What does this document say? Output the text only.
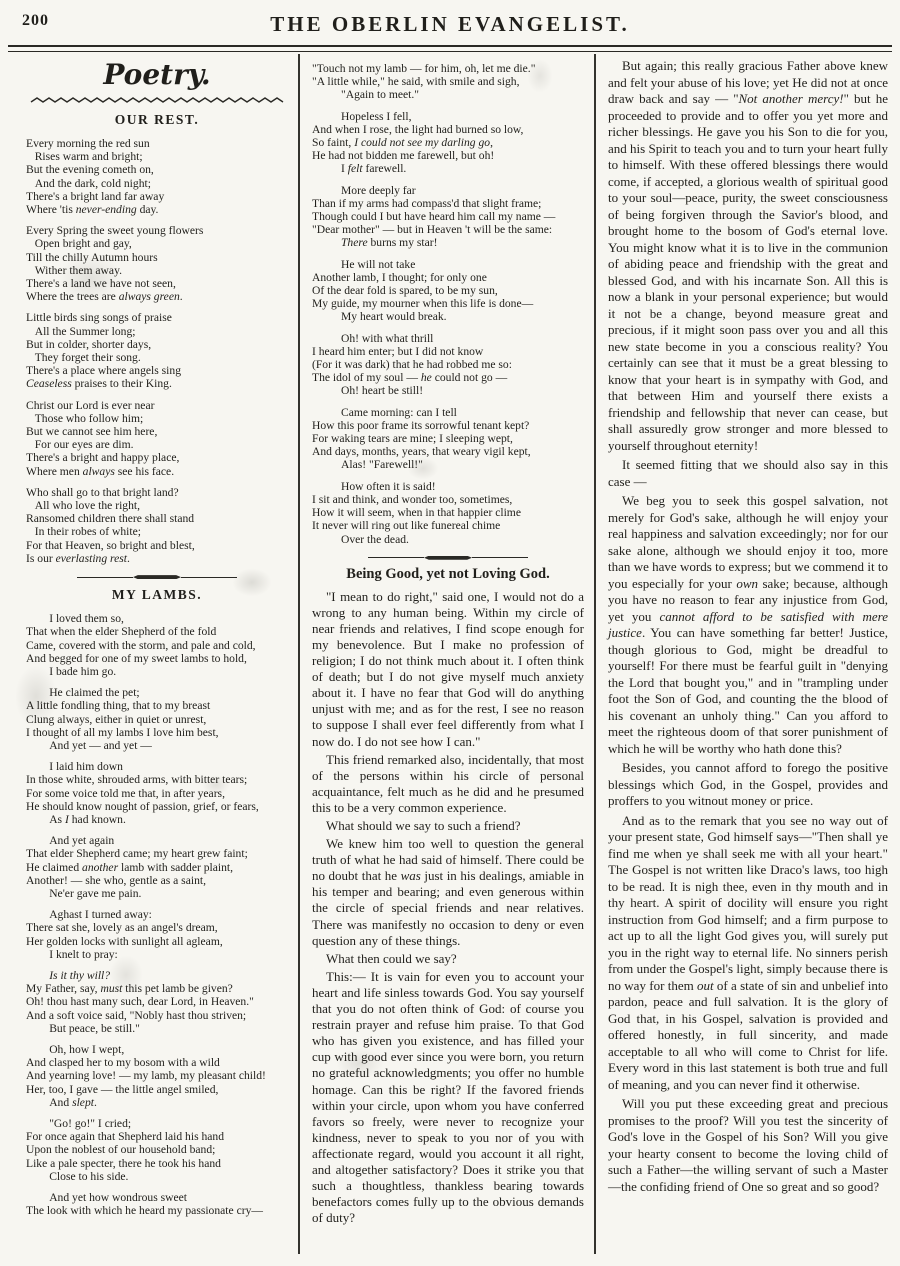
200	THE OBERLIN EVANGELIST.
Poetry.
OUR REST.
Every morning the red sun
Rises warm and bright;
But the evening cometh on,
And the dark, cold night;
There's a bright land far away
Where 'tis never-ending day.
Every Spring the sweet young flowers
Open bright and gay,
Till the chilly Autumn hours
Wither them away.
There's a land we have not seen,
Where the trees are always green.
Little birds sing songs of praise
All the Summer long;
But in colder, shorter days,
They forget their song.
There's a place where angels sing
Ceaseless praises to their King.
Christ our Lord is ever near
Those who follow him;
But we cannot see him here,
For our eyes are dim.
There's a bright and happy place,
Where men always see his face.
Who shall go to that bright land?
All who love the right,
Ransomed children there shall stand
In their robes of white;
For that Heaven, so bright and blest,
Is our everlasting rest.
MY LAMBS.
I loved them so,
That when the elder Shepherd of the fold
Came, covered with the storm, and pale and cold,
And begged for one of my sweet lambs to hold,
I bade him go.
He claimed the pet;
A little fondling thing, that to my breast
Clung always, either in quiet or unrest,
I thought of all my lambs I love him best,
And yet — and yet —
I laid him down
In those white, shrouded arms, with bitter tears;
For some voice told me that, in after years,
He should know nought of passion, grief, or fears,
As I had known.
And yet again
That elder Shepherd came; my heart grew faint;
He claimed another lamb with sadder plaint,
Another! — she who, gentle as a saint,
Ne'er gave me pain.
Aghast I turned away:
There sat she, lovely as an angel's dream,
Her golden locks with sunlight all agleam,
I knelt to pray:
Is it thy will?
My Father, say, must this pet lamb be given?
Oh! thou hast many such, dear Lord, in Heaven."
And a soft voice said, "Nobly hast thou striven;
But peace, be still."
Oh, how I wept,
And clasped her to my bosom with a wild
And yearning love! — my lamb, my pleasant child!
Her, too, I gave — the little angel smiled,
And slept.
"Go! go!" I cried;
For once again that Shepherd laid his hand
Upon the noblest of our household band;
Like a pale specter, there he took his hand
Close to his side.
And yet how wondrous sweet
The look with which he heard my passionate cry—
"Touch not my lamb — for him, oh, let me die."
"A little while," he said, with smile and sigh,
"Again to meet."
Hopeless I fell,
And when I rose, the light had burned so low,
So faint, I could not see my darling go,
He had not bidden me farewell, but oh!
I felt farewell.
More deeply far
Than if my arms had compass'd that slight frame;
Though could I but have heard him call my name —
"Dear mother" — but in Heaven 't will be the same:
There burns my star!
He will not take
Another lamb, I thought; for only one
Of the dear fold is spared, to be my sun,
My guide, my mourner when this life is done—
My heart would break.
Oh! with what thrill
I heard him enter; but I did not know
(For it was dark) that he had robbed me so:
The idol of my soul — he could not go —
Oh! heart be still!
Came morning: can I tell
How this poor frame its sorrowful tenant kept?
For waking tears are mine; I sleeping wept,
And days, months, years, that weary vigil kept,
Alas! "Farewell!"
How often it is said!
I sit and think, and wonder too, sometimes,
How it will seem, when in that happier clime
It never will ring out like funereal chime
Over the dead.
Being Good, yet not Loving God.

"I mean to do right," said one, I would not do a wrong to any human being. Within my circle of near friends and relatives, I find scope enough for my benevolence. But I make no profession of religion; I do not think much about it. I often think of death; but I do not give myself much anxiety about it. I have no fear that God will do anything unjust with me; and as for the rest, I see no reason to suppose I shall ever feel differently from what I now do. I do not see how I can."

This friend remarked also, incidentally, that most of the persons within his circle of personal acquaintance, felt much as he did and he presumed this to be a very common experience.

What should we say to such a friend?

We knew him too well to question the general truth of what he had said of himself. There could be no doubt that he was just in his dealings, amiable in his temper and bearing; and even generous within the circle of special friends and near relatives. There was manifestly no occasion to deny or even question any of these things.

What then could we say?

This:— It is vain for even you to account your heart and life sinless towards God. You say yourself that you do not often think of God: of course you restrain prayer and refuse him praise. To that God who has given you existence, and has filled your cup with good ever since you were born, you return no grateful acknowledgments; you offer no humble homage. Can this be right? If the favored friends within your circle, upon whom you have conferred favors so freely, were never to recognize your kindness, never to speak to you nor of you with affectionate regard, would you account it all right, and altogether satisfactory? Does it strike you that such a thoughtless, thankless bearing towards benefactors comes fully up to the obvious demands of duty?

But again; this really gracious Father above knew and felt your abuse of his love; yet He did not at once draw back and say — "Not another mercy!" but he proceeded to provide and to offer you yet more and richer blessings. He gave you his Son to die for you, and his Spirit to teach you and to turn your heart fully to himself. With these offered blessings there would come, if accepted, a glorious wealth of spiritual good to your soul—peace, purity, the sweet consciousness of being forgiven through the Savior's blood, and brought home to the bosom of God's eternal love. You might know what it is to live in the communion of abiding peace and friendship with the great and blessed God, and with his incarnate Son. All this is now a blank in your personal experience; but would it not be a change, beyond measure great and precious, if it might soon pass over you and all this new state become in you a conscious reality? You certainly can see that it must be a great blessing to know that your heart is in sympathy with God, and that between Him and yourself there exists a friendship and fellowship that never can cease, but shall assuredly grow stronger and more blessed to yourself throughout eternity!

It seemed fitting that we should also say in this case —

We beg you to seek this gospel salvation, not merely for God's sake, although he will enjoy your real happiness and salvation exceedingly; nor for our sake alone, although we should enjoy it too, more than we have words to express; but we commend it to you especially for your own sake; because, although you have no reason to fear any injustice from God, yet you cannot afford to be satisfied with mere justice. You can have something far better! Justice, though glorious to God, might be dreadful to yourself! For there must be fearful guilt in "denying the Lord that bought you," and in "trampling under foot the Son of God, and counting the the blood of his covenant an unholy thing." Can you afford to meet the righteous doom of that sorer punishment of which he will be worthy who hath done this?

Besides, you cannot afford to forego the positive blessings which God, in the Gospel, provides and proffers to you witnout money or price.

And as to the remark that you see no way out of your present state, God himself says—"Then shall ye find me when ye shall seek me with all your heart." The Gospel is not written like Draco's laws, too high to be read. It is nigh thee, even in thy mouth and in thy heart. A spirit of docility will ensure you right instruction from God himself; and a firm purpose to act up to all the light God gives you, will surely put you in the right way to eternal life. No sinners perish from under the Gospel's light, simply because there is no way for them out of a state of sin and unbelief into pardon, peace and full salvation. It is the glory of God that, in his Gospel, salvation is provided and offered honestly, in full sincerity, and made acceptable to all who will come to Christ for life. Every word in this last statement is both true and full of meaning, and you can never find it otherwise.

Will you put these exceeding great and precious promises to the proof? Will you test the sincerity of God's love in the Gospel of his Son? Will you give your hearty consent to become the loving child of such a Father—the willing servant of such a Master—the confiding friend of One so great and so good?
